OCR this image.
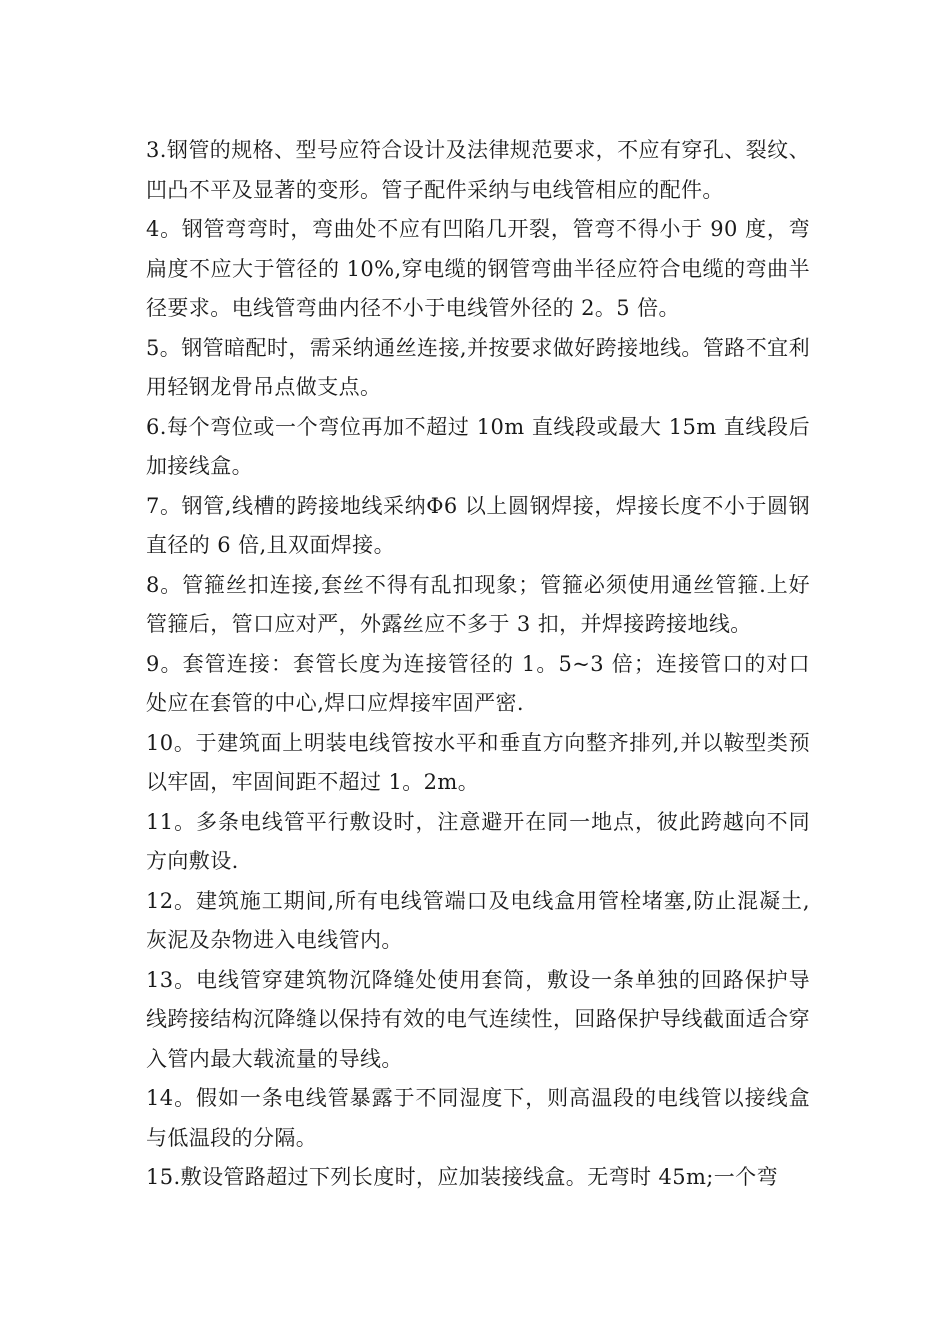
3.钢管的规格、型号应符合设计及法律规范要求，不应有穿孔、裂纹、凹凸不平及显著的变形。管子配件采纳与电线管相应的配件。

4。钢管弯弯时，弯曲处不应有凹陷几开裂，管弯不得小于 90 度，弯扁度不应大于管径的 10%,穿电缆的钢管弯曲半径应符合电缆的弯曲半径要求。电线管弯曲内径不小于电线管外径的 2。5 倍。

5。钢管暗配时，需采纳通丝连接,并按要求做好跨接地线。管路不宜利用轻钢龙骨吊点做支点。

6.每个弯位或一个弯位再加不超过 10m 直线段或最大 15m 直线段后加接线盒。

7。钢管,线槽的跨接地线采纳Φ6 以上圆钢焊接，焊接长度不小于圆钢直径的 6 倍,且双面焊接。

8。管箍丝扣连接,套丝不得有乱扣现象；管箍必须使用通丝管箍.上好管箍后，管口应对严，外露丝应不多于 3 扣，并焊接跨接地线。

9。套管连接：套管长度为连接管径的 1。5~3 倍；连接管口的对口处应在套管的中心,焊口应焊接牢固严密.

10。于建筑面上明装电线管按水平和垂直方向整齐排列,并以鞍型类预以牢固，牢固间距不超过 1。2m。

11。多条电线管平行敷设时，注意避开在同一地点，彼此跨越向不同方向敷设.

12。建筑施工期间,所有电线管端口及电线盒用管栓堵塞,防止混凝土,灰泥及杂物进入电线管内。

13。电线管穿建筑物沉降缝处使用套筒，敷设一条单独的回路保护导线跨接结构沉降缝以保持有效的电气连续性，回路保护导线截面适合穿入管内最大载流量的导线。

14。假如一条电线管暴露于不同湿度下，则高温段的电线管以接线盒与低温段的分隔。

15.敷设管路超过下列长度时，应加装接线盒。无弯时 45m;一个弯
